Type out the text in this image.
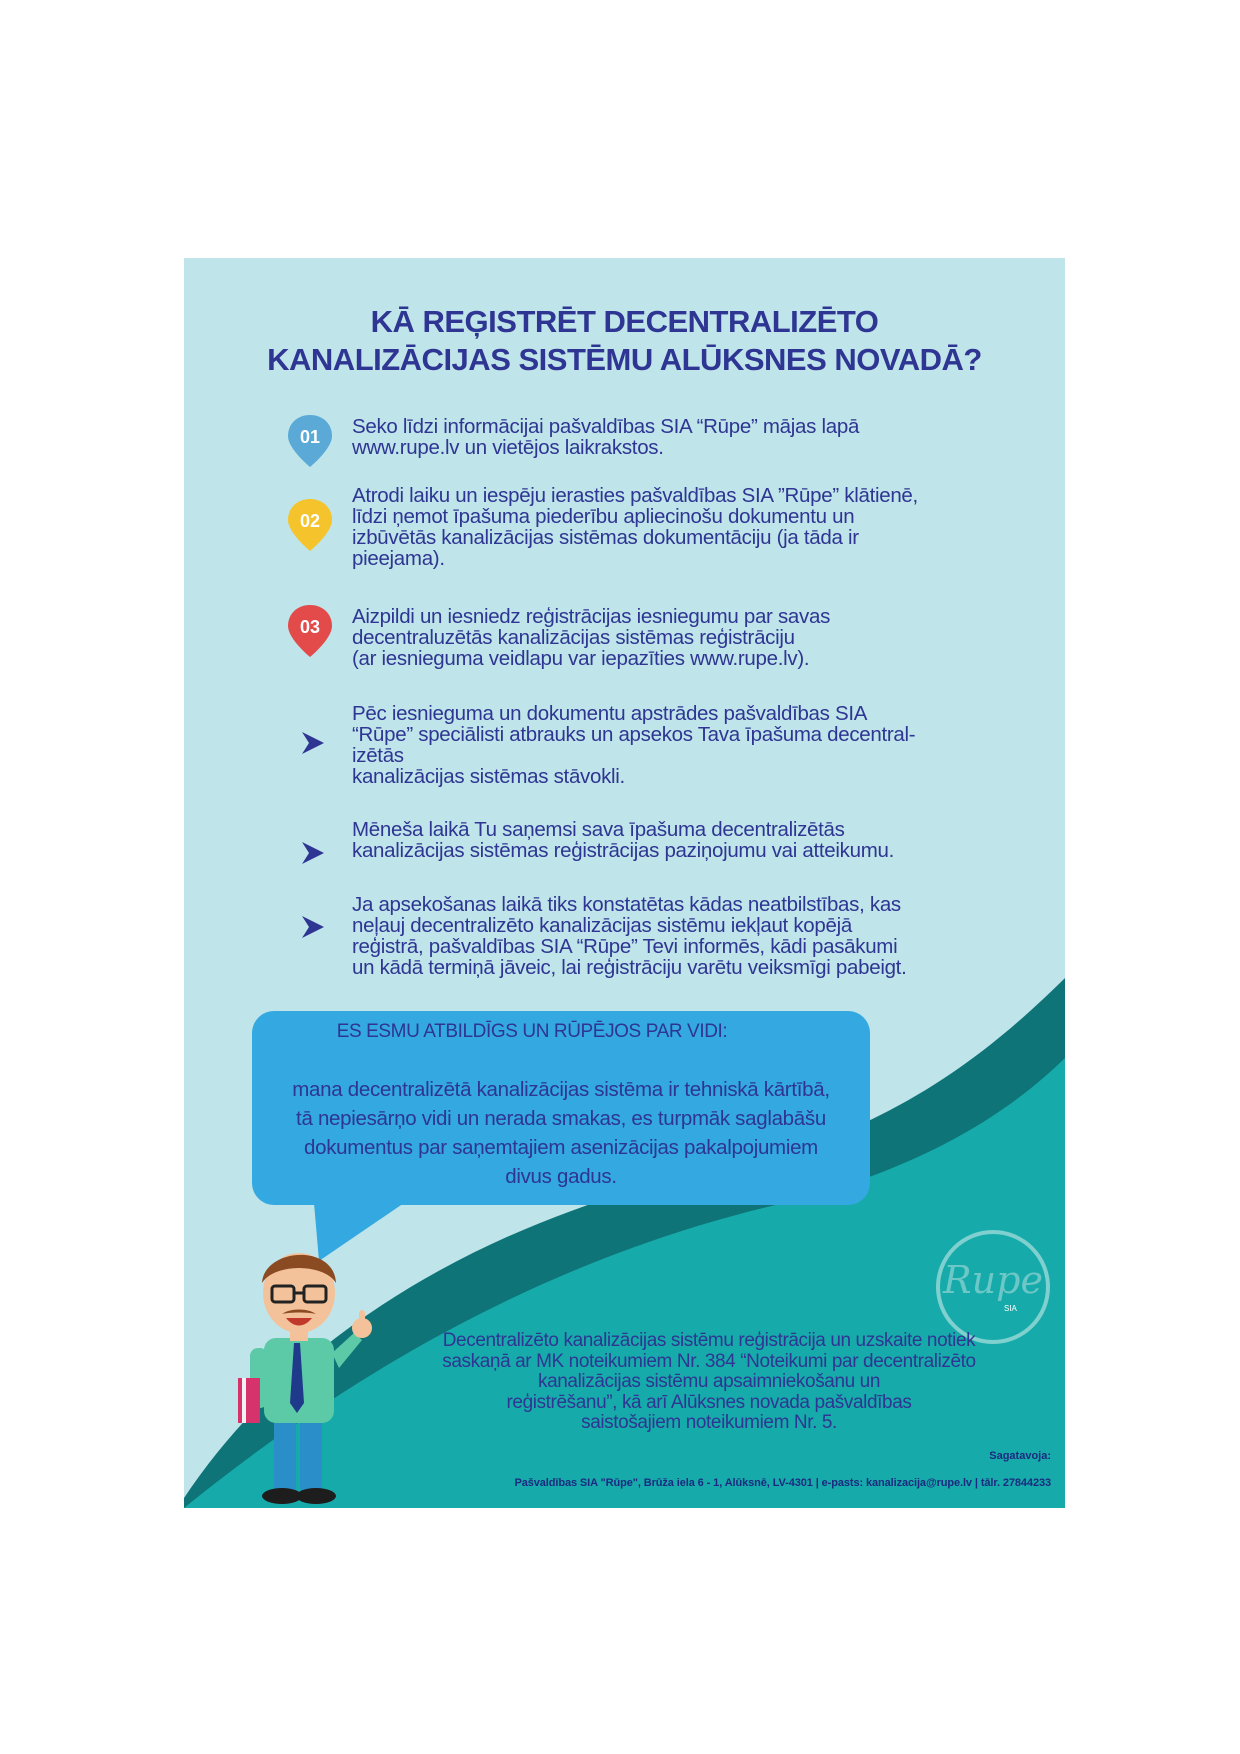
KĀ REĢISTRĒT DECENTRALIZĒTO
KANALIZĀCIJAS SISTĒMU ALŪKSNES NOVADĀ?
01 Seko līdzi informācijai pašvaldības SIA “Rūpe” mājas lapā
www.rupe.lv un vietējos laikrakstos.
02
Atrodi laiku un iespēju ierasties pašvaldības SIA ”Rūpe” klātienē,
līdzi ņemot īpašuma piederību apliecinošu dokumentu un
izbūvētās kanalizācijas sistēmas dokumentāciju (ja tāda ir
pieejama).
03 Aizpildi un iesniedz reģistrācijas iesniegumu par savas
decentraluzētās kanalizācijas sistēmas reģistrāciju
(ar iesnieguma veidlapu var iepazīties www.rupe.lv).
Pēc iesnieguma un dokumentu apstrādes pašvaldības SIA
“Rūpe” speciālisti atbrauks un apsekos Tava īpašuma decentral-
izētās
kanalizācijas sistēmas stāvokli.
Mēneša laikā Tu saņemsi sava īpašuma decentralizētās
kanalizācijas sistēmas reģistrācijas paziņojumu vai atteikumu.
Ja apsekošanas laikā tiks konstatētas kādas neatbilstības, kas
neļauj decentralizēto kanalizācijas sistēmu iekļaut kopējā
reģistrā, pašvaldības SIA “Rūpe” Tevi informēs, kādi pasākumi
un kādā termiņā jāveic, lai reģistrāciju varētu veiksmīgi pabeigt.

ES ESMU ATBILDĪGS UN RŪPĒJOS PAR VIDI:

mana decentralizētā kanalizācijas sistēma ir tehniskā kārtībā,
tā nepiesārņo vidi un nerada smakas, es turpmāk saglabāšu
dokumentus par saņemtajiem asenizācijas pakalpojumiem
divus gadus.

Rupe
SIA

Decentralizēto kanalizācijas sistēmu reģistrācija un uzskaite notiek
saskaņā ar MK noteikumiem Nr. 384 “Noteikumi par decentralizēto
kanalizācijas sistēmu apsaimniekošanu un
reģistrēšanu”, kā arī Alūksnes novada pašvaldības
saistošajiem noteikumiem Nr. 5.

Sagatavoja:
Pašvaldības SIA "Rūpe", Brūža iela 6 - 1, Alūksnē, LV-4301 | e-pasts: kanalizacija@rupe.lv | tālr. 27844233
